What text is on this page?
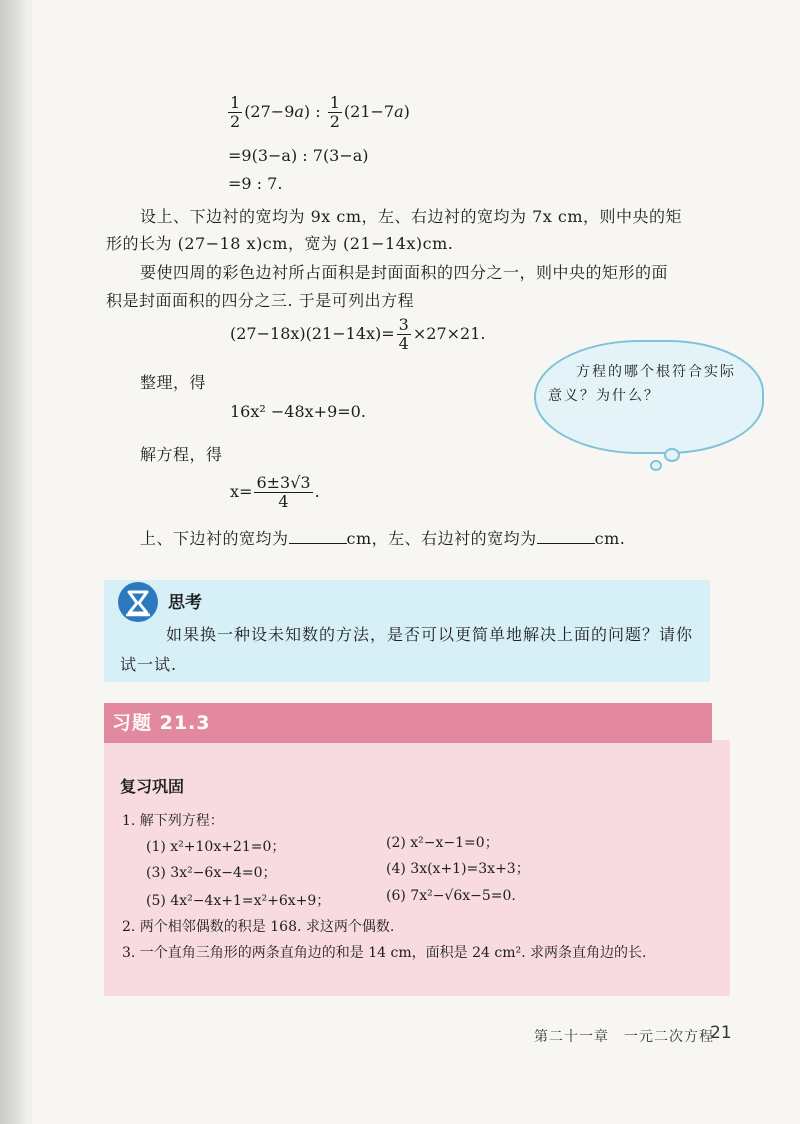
$\frac{1}{2} (27-9a)$ : $\frac{1}{2} (21-7a)$
=9(3−a) : 7(3−a)
=9 : 7.
设上、下边衬的宽均为 9x cm，左、右边衬的宽均为 7x cm，则中央的矩
形的长为 (27−18 x)cm，宽为 (21−14x)cm.
要使四周的彩色边衬所占面积是封面面积的四分之一，则中央的矩形的面
积是封面面积的四分之三. 于是可列出方程
$(27-18x)(21-14x)= \frac{3}{4} \times 27\times 21$.
整理，得
16x² −48x+9=0.
解方程，得
$x= \frac{6\pm 3√3}{4}$ .
上、下边衬的宽均为	cm，左、右边衬的宽均为	cm.
方程的哪个根符合实际意义？为什么？
思考
如果换一种设未知数的方法，是否可以更简单地解决上面的问题？请你试一试.
习题 21.3
复习巩固
1. 解下列方程：
(1) x²+10x+21=0；	(2) x²−x−1=0；
(3) 3x²−6x−4=0；	(4) 3x(x+1)=3x+3；
(5) 4x²−4x+1=x²+6x+9；	(6) 7x²−√6x−5=0.
2. 两个相邻偶数的积是 168. 求这两个偶数.
3. 一个直角三角形的两条直角边的和是 14 cm，面积是 24 cm². 求两条直角边的长.
第二十一章　一元二次方程
21
